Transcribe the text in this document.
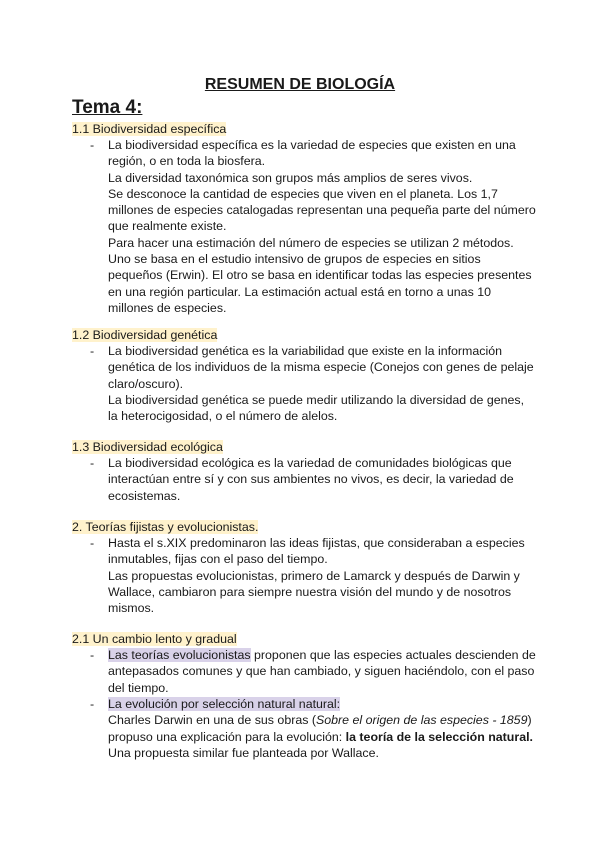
RESUMEN DE BIOLOGÍA
Tema 4:
1.1 Biodiversidad específica
- La biodiversidad específica es la variedad de especies que existen en una
región, o en toda la biosfera.
La diversidad taxonómica son grupos más amplios de seres vivos.
Se desconoce la cantidad de especies que viven en el planeta. Los 1,7
millones de especies catalogadas representan una pequeña parte del número
que realmente existe.
Para hacer una estimación del número de especies se utilizan 2 métodos.
Uno se basa en el estudio intensivo de grupos de especies en sitios
pequeños (Erwin). El otro se basa en identificar todas las especies presentes
en una región particular. La estimación actual está en torno a unas 10
millones de especies.
1.2 Biodiversidad genética
- La biodiversidad genética es la variabilidad que existe en la información
genética de los individuos de la misma especie (Conejos con genes de pelaje
claro/oscuro).
La biodiversidad genética se puede medir utilizando la diversidad de genes,
la heterocigosidad, o el número de alelos.
1.3 Biodiversidad ecológica
- La biodiversidad ecológica es la variedad de comunidades biológicas que
interactúan entre sí y con sus ambientes no vivos, es decir, la variedad de
ecosistemas.
2. Teorías fijistas y evolucionistas.
- Hasta el s.XIX predominaron las ideas fijistas, que consideraban a especies
inmutables, fijas con el paso del tiempo.
Las propuestas evolucionistas, primero de Lamarck y después de Darwin y
Wallace, cambiaron para siempre nuestra visión del mundo y de nosotros
mismos.
2.1 Un cambio lento y gradual
- Las teorías evolucionistas proponen que las especies actuales descienden de
antepasados comunes y que han cambiado, y siguen haciéndolo, con el paso
del tiempo.
- La evolución por selección natural natural:
Charles Darwin en una de sus obras (Sobre el origen de las especies - 1859)
propuso una explicación para la evolución: la teoría de la selección natural.
Una propuesta similar fue planteada por Wallace.
